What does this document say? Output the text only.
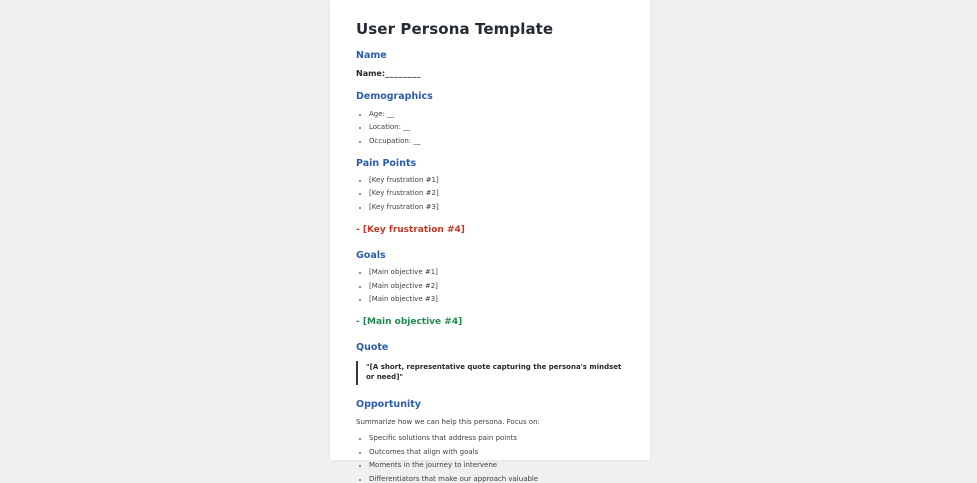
User Persona Template
Name

Name:________

Demographics
• Age: __
• Location: __
• Occupation: __
Pain Points
• [Key frustration #1]
• [Key frustration #2]
• [Key frustration #3]

- [Key frustration #4]

Goals
• [Main objective #1]
• [Main objective #2]
• [Main objective #3]

- [Main objective #4]

Quote
"[A short, representative quote capturing the persona's mindset or need]"
Opportunity

Summarize how we can help this persona. Focus on:

• Specific solutions that address pain points
• Outcomes that align with goals
• Moments in the journey to intervene
• Differentiators that make our approach valuable
